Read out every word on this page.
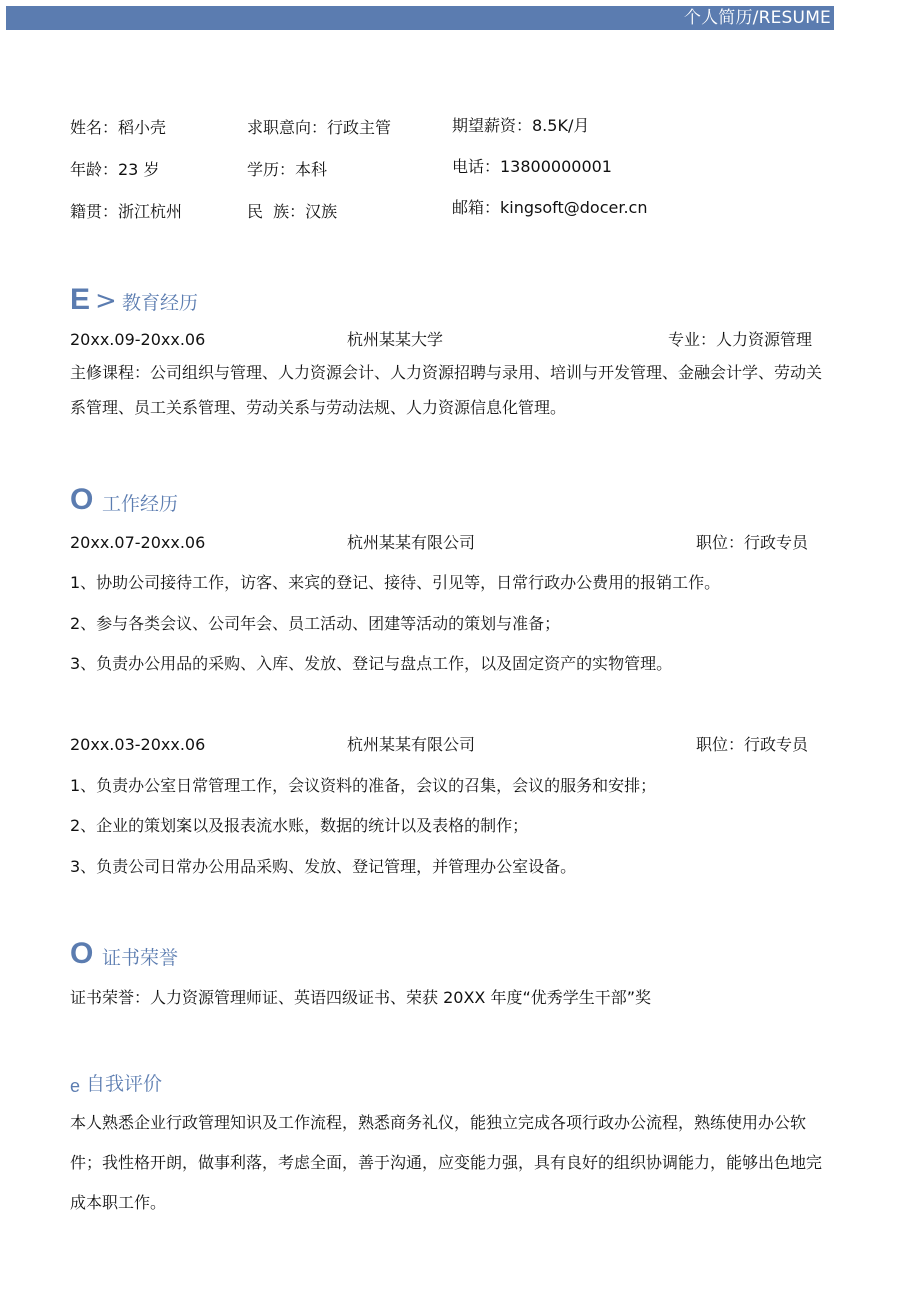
个人简历/RESUME
姓名：稻小壳	求职意向：行政主管	期望薪资：8.5K/月
年龄：23 岁	学历：本科	电话：13800000001
籍贯：浙江杭州	民  族：汉族	邮箱：kingsoft@docer.cn
E > 教育经历
20xx.09-20xx.06	杭州某某大学	专业：人力资源管理
主修课程：公司组织与管理、人力资源会计、人力资源招聘与录用、培训与开发管理、金融会计学、劳动关系管理、员工关系管理、劳动关系与劳动法规、人力资源信息化管理。
O 工作经历
20xx.07-20xx.06	杭州某某有限公司	职位：行政专员
1、协助公司接待工作，访客、来宾的登记、接待、引见等，日常行政办公费用的报销工作。
2、参与各类会议、公司年会、员工活动、团建等活动的策划与准备；
3、负责办公用品的采购、入库、发放、登记与盘点工作，以及固定资产的实物管理。
20xx.03-20xx.06	杭州某某有限公司	职位：行政专员
1、负责办公室日常管理工作，会议资料的准备，会议的召集，会议的服务和安排；
2、企业的策划案以及报表流水账，数据的统计以及表格的制作；
3、负责公司日常办公用品采购、发放、登记管理，并管理办公室设备。
O 证书荣誉
证书荣誉：人力资源管理师证、英语四级证书、荣获 20XX 年度“优秀学生干部”奖
e 自我评价
本人熟悉企业行政管理知识及工作流程，熟悉商务礼仪，能独立完成各项行政办公流程，熟练使用办公软件；我性格开朗，做事利落，考虑全面，善于沟通，应变能力强，具有良好的组织协调能力，能够出色地完成本职工作。
